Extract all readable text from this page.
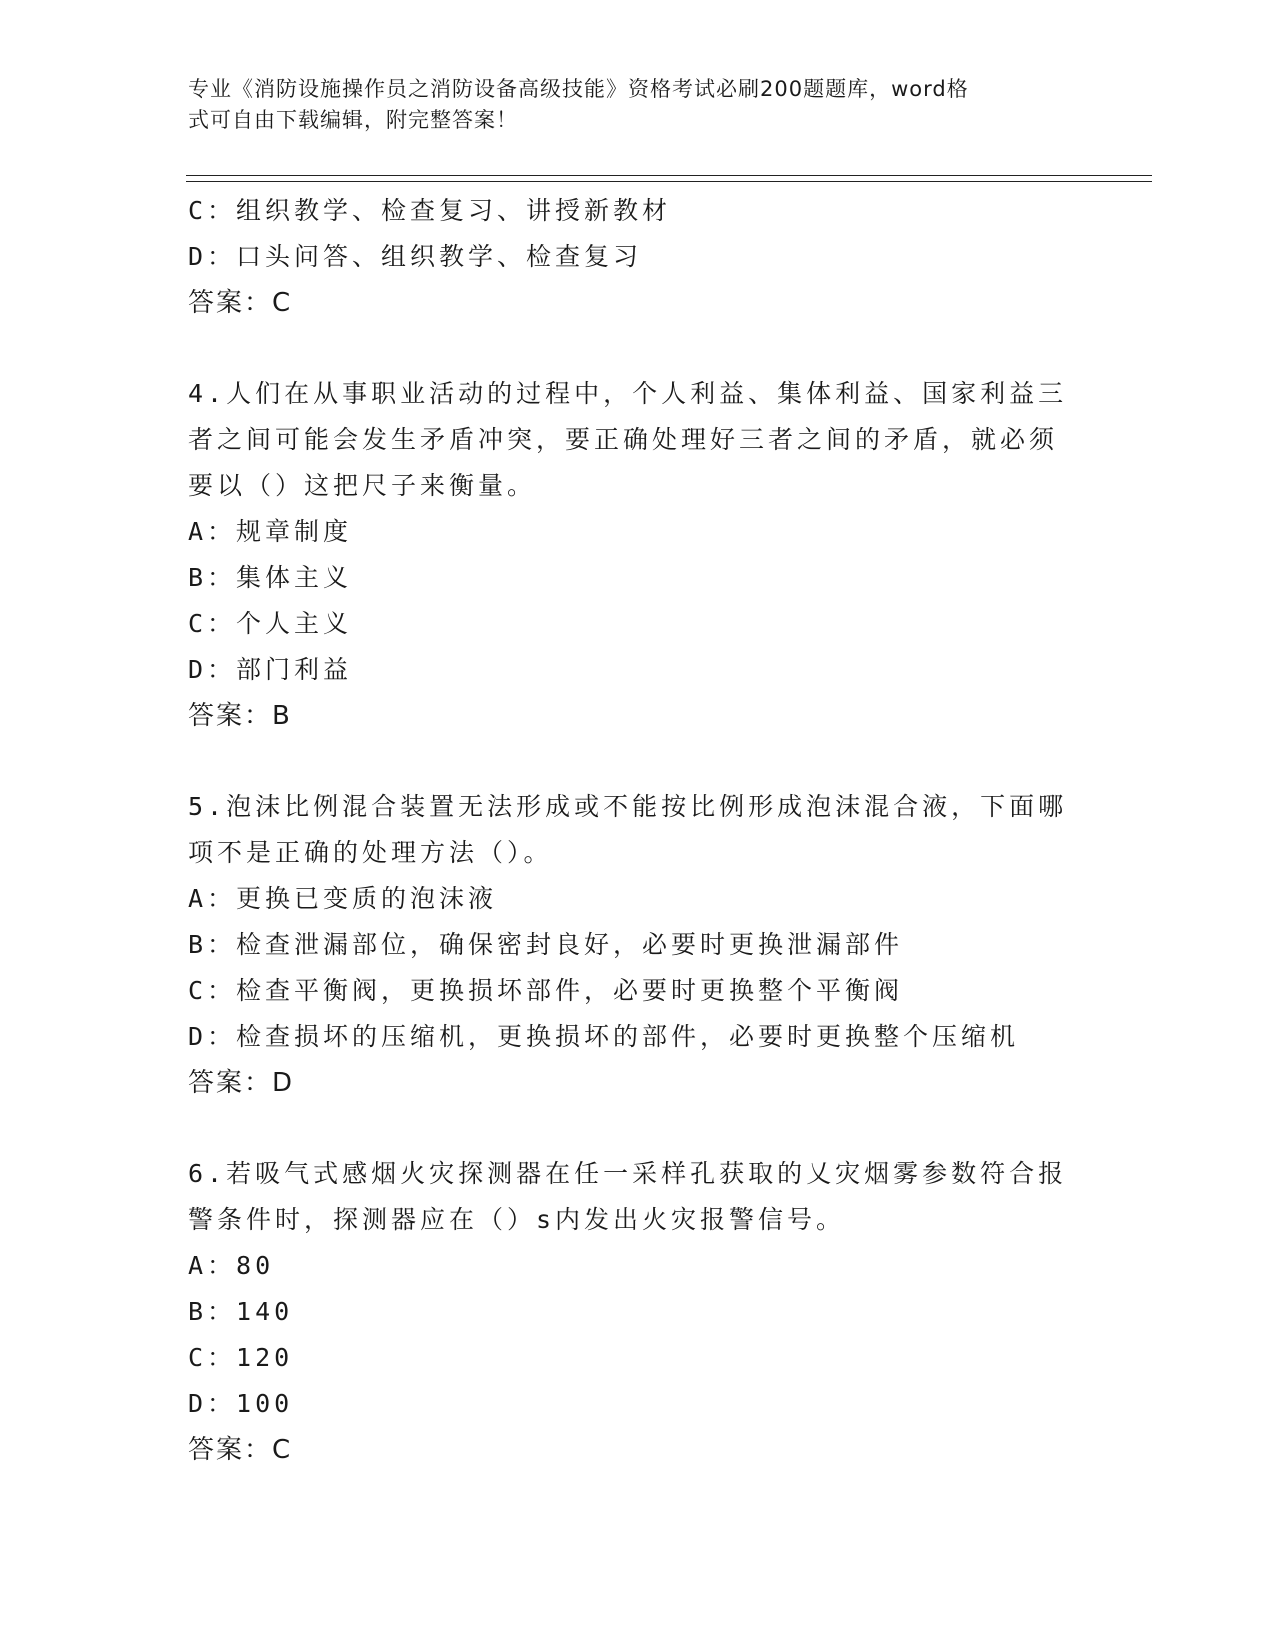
专业《消防设施操作员之消防设备高级技能》资格考试必刷200题题库，word格
式可自由下载编辑，附完整答案！
C：组织教学、检查复习、讲授新教材
D：口头问答、组织教学、检查复习
答案：C
4.人们在从事职业活动的过程中，个人利益、集体利益、国家利益三
者之间可能会发生矛盾冲突，要正确处理好三者之间的矛盾，就必须
要以（）这把尺子来衡量。
A：规章制度
B：集体主义
C：个人主义
D：部门利益
答案：B
5.泡沫比例混合装置无法形成或不能按比例形成泡沫混合液，下面哪
项不是正确的处理方法（）。
A：更换已变质的泡沫液
B：检查泄漏部位，确保密封良好，必要时更换泄漏部件
C：检查平衡阀，更换损坏部件，必要时更换整个平衡阀
D：检查损坏的压缩机，更换损坏的部件，必要时更换整个压缩机
答案：D
6.若吸气式感烟火灾探测器在任一采样孔获取的乂灾烟雾参数符合报
警条件时，探测器应在（）s内发出火灾报警信号。
A：80
B：140
C：120
D：100
答案：C
